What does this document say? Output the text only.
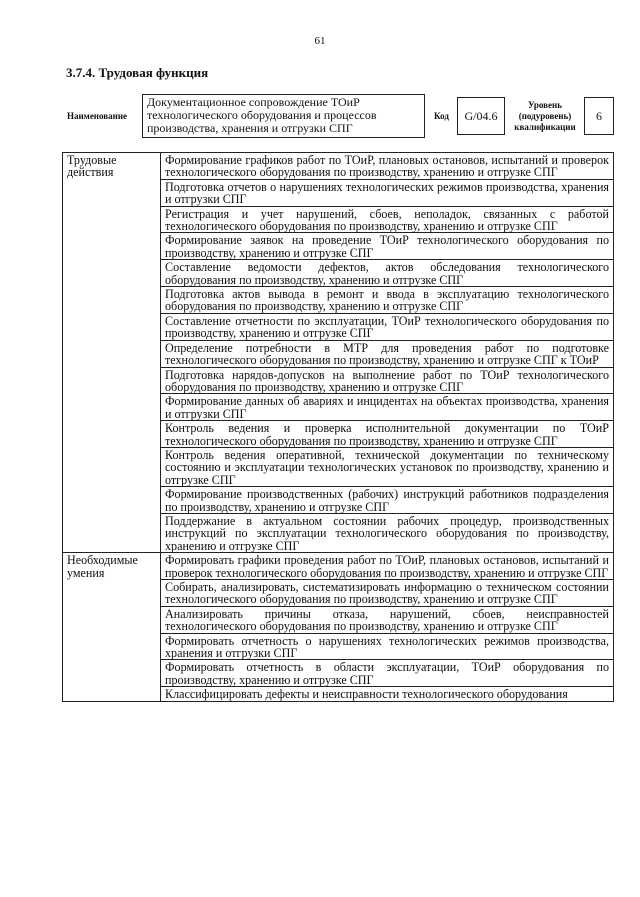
61
3.7.4. Трудовая функция
Наименование
Документационное сопровождение ТОиР
технологического оборудования и процессов
производства, хранения и отгрузки СПГ
Код	G/04.6
Уровень
(подуровень)
квалификации
6
Трудовые
действия	Формирование графиков работ по ТОиР, плановых остановов, испытаний и проверок технологического оборудования по производству, хранению и отгрузке СПГ
	Подготовка отчетов о нарушениях технологических режимов производства, хранения и отгрузки СПГ
	Регистрация и учет нарушений, сбоев, неполадок, связанных с работой технологического оборудования по производству, хранению и отгрузке СПГ
	Формирование заявок на проведение ТОиР технологического оборудования по производству, хранению и отгрузке СПГ
	Составление ведомости дефектов, актов обследования технологического оборудования по производству, хранению и отгрузке СПГ
	Подготовка актов вывода в ремонт и ввода в эксплуатацию технологического оборудования по производству, хранению и отгрузке СПГ
	Составление отчетности по эксплуатации, ТОиР технологического оборудования по производству, хранению и отгрузке СПГ
	Определение потребности в МТР для проведения работ по подготовке технологического оборудования по производству, хранению и отгрузке СПГ к ТОиР
	Подготовка нарядов-допусков на выполнение работ по ТОиР технологического оборудования по производству, хранению и отгрузке СПГ
	Формирование данных об авариях и инцидентах на объектах производства, хранения и отгрузки СПГ
	Контроль ведения и проверка исполнительной документации по ТОиР технологического оборудования по производству, хранению и отгрузке СПГ
	Контроль ведения оперативной, технической документации по техническому состоянию и эксплуатации технологических установок по производству, хранению и отгрузке СПГ
	Формирование производственных (рабочих) инструкций работников подразделения по производству, хранению и отгрузке СПГ
	Поддержание в актуальном состоянии рабочих процедур, производственных инструкций по эксплуатации технологического оборудования по производству, хранению и отгрузке СПГ

Необходимые
умения	Формировать графики проведения работ по ТОиР, плановых остановов, испытаний и проверок технологического оборудования по производству, хранению и отгрузке СПГ
	Собирать, анализировать, систематизировать информацию о техническом состоянии технологического оборудования по производству, хранению и отгрузке СПГ
	Анализировать причины отказа, нарушений, сбоев, неисправностей технологического оборудования по производству, хранению и отгрузке СПГ
	Формировать отчетность о нарушениях технологических режимов производства, хранения и отгрузки СПГ
	Формировать отчетность в области эксплуатации, ТОиР оборудования по производству, хранению и отгрузке СПГ
	Классифицировать дефекты и неисправности технологического оборудования
